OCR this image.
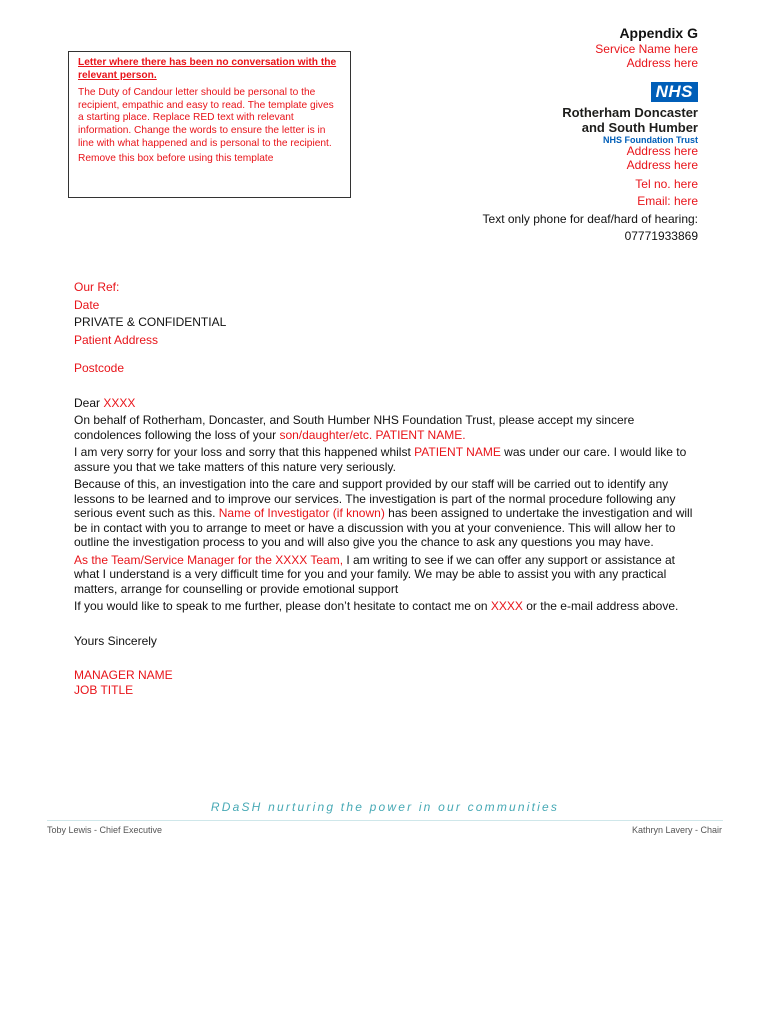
Appendix G
Service Name here
Address here
NHS
Rotherham Doncaster
and South Humber
NHS Foundation Trust
Address here
Address here
Tel no. here
Email: here
Text only phone for deaf/hard of hearing:
07771933869
Letter where there has been no conversation with the relevant person.

The Duty of Candour letter should be personal to the recipient, empathic and easy to read. The template gives a starting place. Replace RED text with relevant information. Change the words to ensure the letter is in line with what happened and is personal to the recipient.

Remove this box before using this template

Our Ref:

Date

PRIVATE & CONFIDENTIAL

Patient Address

Postcode

Dear XXXX

On behalf of Rotherham, Doncaster, and South Humber NHS Foundation Trust, please accept my sincere condolences following the loss of your son/daughter/etc. PATIENT NAME.

I am very sorry for your loss and sorry that this happened whilst PATIENT NAME was under our care. I would like to assure you that we take matters of this nature very seriously.

Because of this, an investigation into the care and support provided by our staff will be carried out to identify any lessons to be learned and to improve our services. The investigation is part of the normal procedure following any serious event such as this. Name of Investigator (if known) has been assigned to undertake the investigation and will be in contact with you to arrange to meet or have a discussion with you at your convenience. This will allow her to outline the investigation process to you and will also give you the chance to ask any questions you may have.

As the Team/Service Manager for the XXXX Team, I am writing to see if we can offer any support or assistance at what I understand is a very difficult time for you and your family. We may be able to assist you with any practical matters, arrange for counselling or provide emotional support

If you would like to speak to me further, please don’t hesitate to contact me on XXXX or the e-mail address above.

Yours Sincerely

MANAGER NAME

JOB TITLE

RDaSH nurturing the power in our communities
Toby Lewis - Chief Executive	Kathryn Lavery - Chair
